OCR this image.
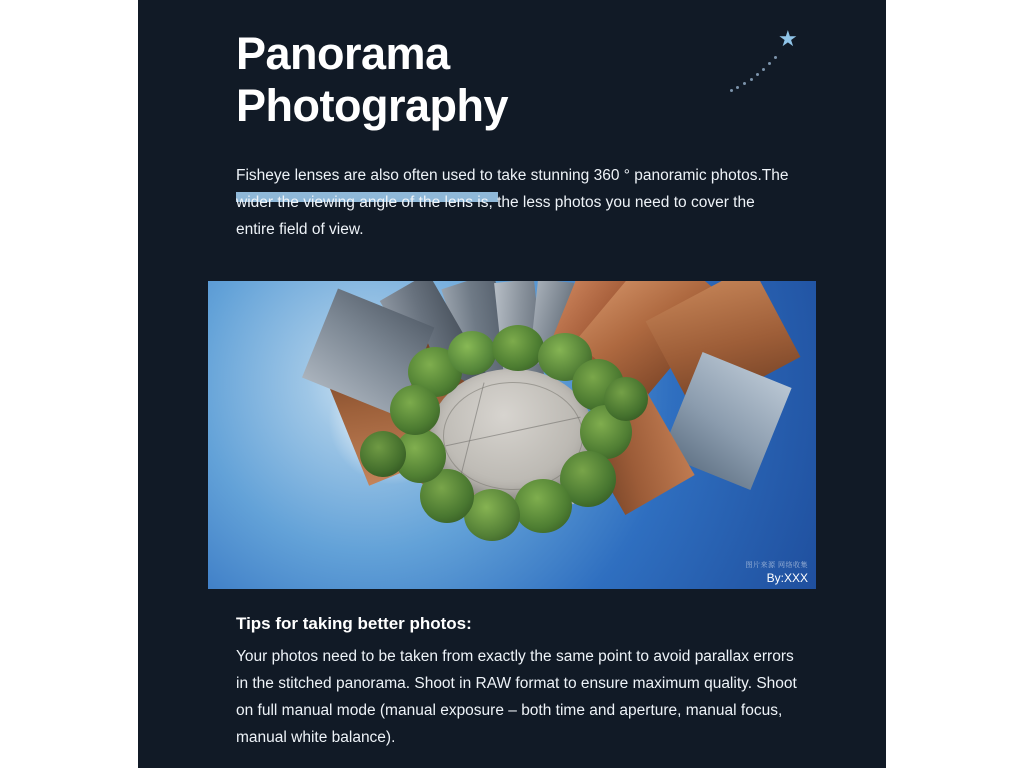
Panorama
Photography
★
Fisheye lenses are also often used to take stunning 360 ° panoramic photos.The wider the viewing angle of the lens is, the less photos you need to cover the entire field of view.
图片来源 网络收集
By:XXX
Tips for taking better photos:
Your photos need to be taken from exactly the same point to avoid parallax errors in the stitched panorama. Shoot in RAW format to ensure maximum quality. Shoot on full manual mode (manual exposure – both time and aperture, manual focus, manual white balance).
